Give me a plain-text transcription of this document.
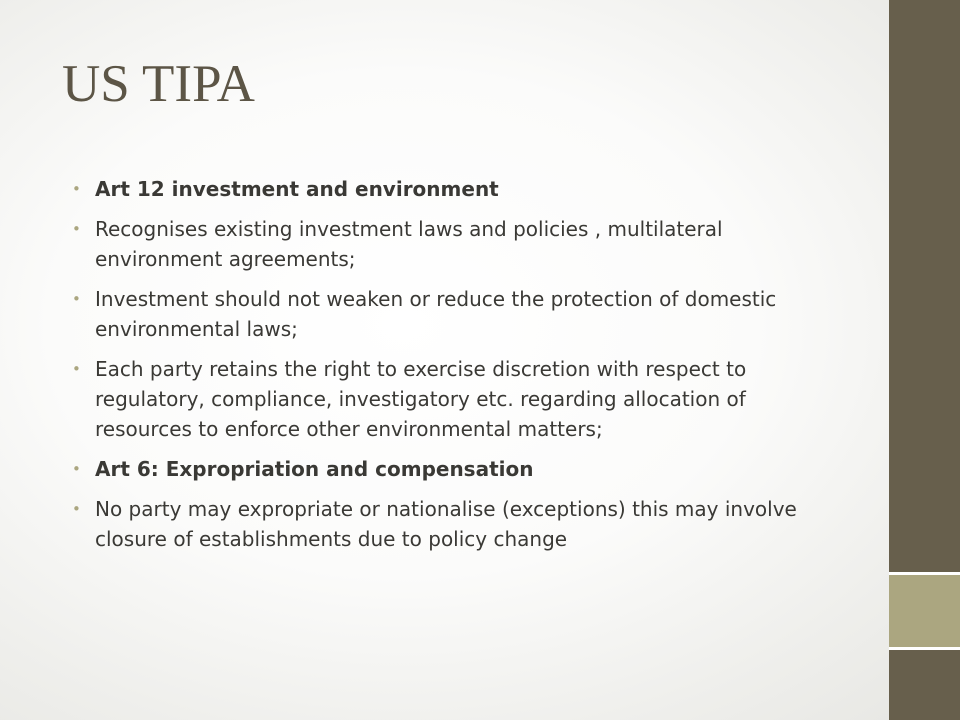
US TIPA
• Art 12 investment and environment
• Recognises existing investment laws and policies , multilateral environment agreements;
• Investment should not weaken or reduce the protection of domestic environmental laws;
• Each party retains the right to exercise discretion with respect to regulatory, compliance, investigatory etc. regarding allocation of resources to enforce other environmental matters;
• Art 6: Expropriation and compensation
• No party may expropriate or nationalise (exceptions) this may involve closure of establishments due to policy change
